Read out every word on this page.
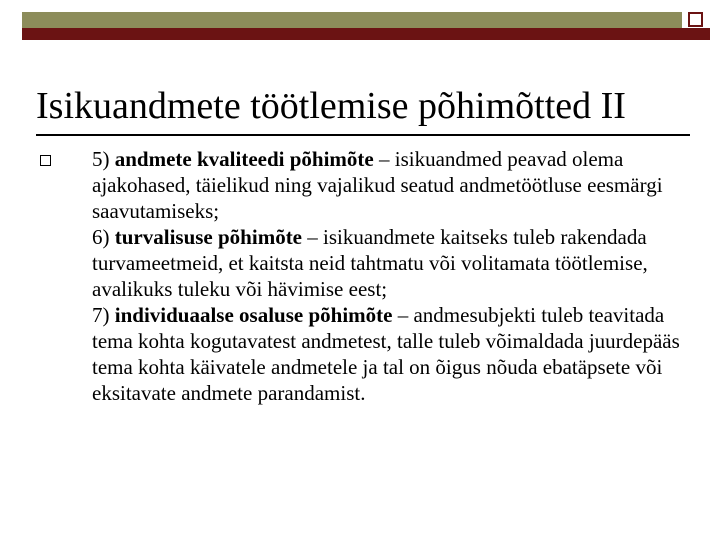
Isikuandmete töötlemise põhimõtted II

5) andmete kvaliteedi põhimõte – isikuandmed peavad olema ajakohased, täielikud ning vajalikud seatud andmetöötluse eesmärgi saavutamiseks;

6) turvalisuse põhimõte – isikuandmete kaitseks tuleb rakendada turvameetmeid, et kaitsta neid tahtmatu või volitamata töötlemise, avalikuks tuleku või hävimise eest;

7) individuaalse osaluse põhimõte – andmesubjekti tuleb teavitada tema kohta kogutavatest andmetest, talle tuleb võimaldada juurdepääs tema kohta käivatele andmetele ja tal on õigus nõuda ebatäpsete või eksitavate andmete parandamist.
